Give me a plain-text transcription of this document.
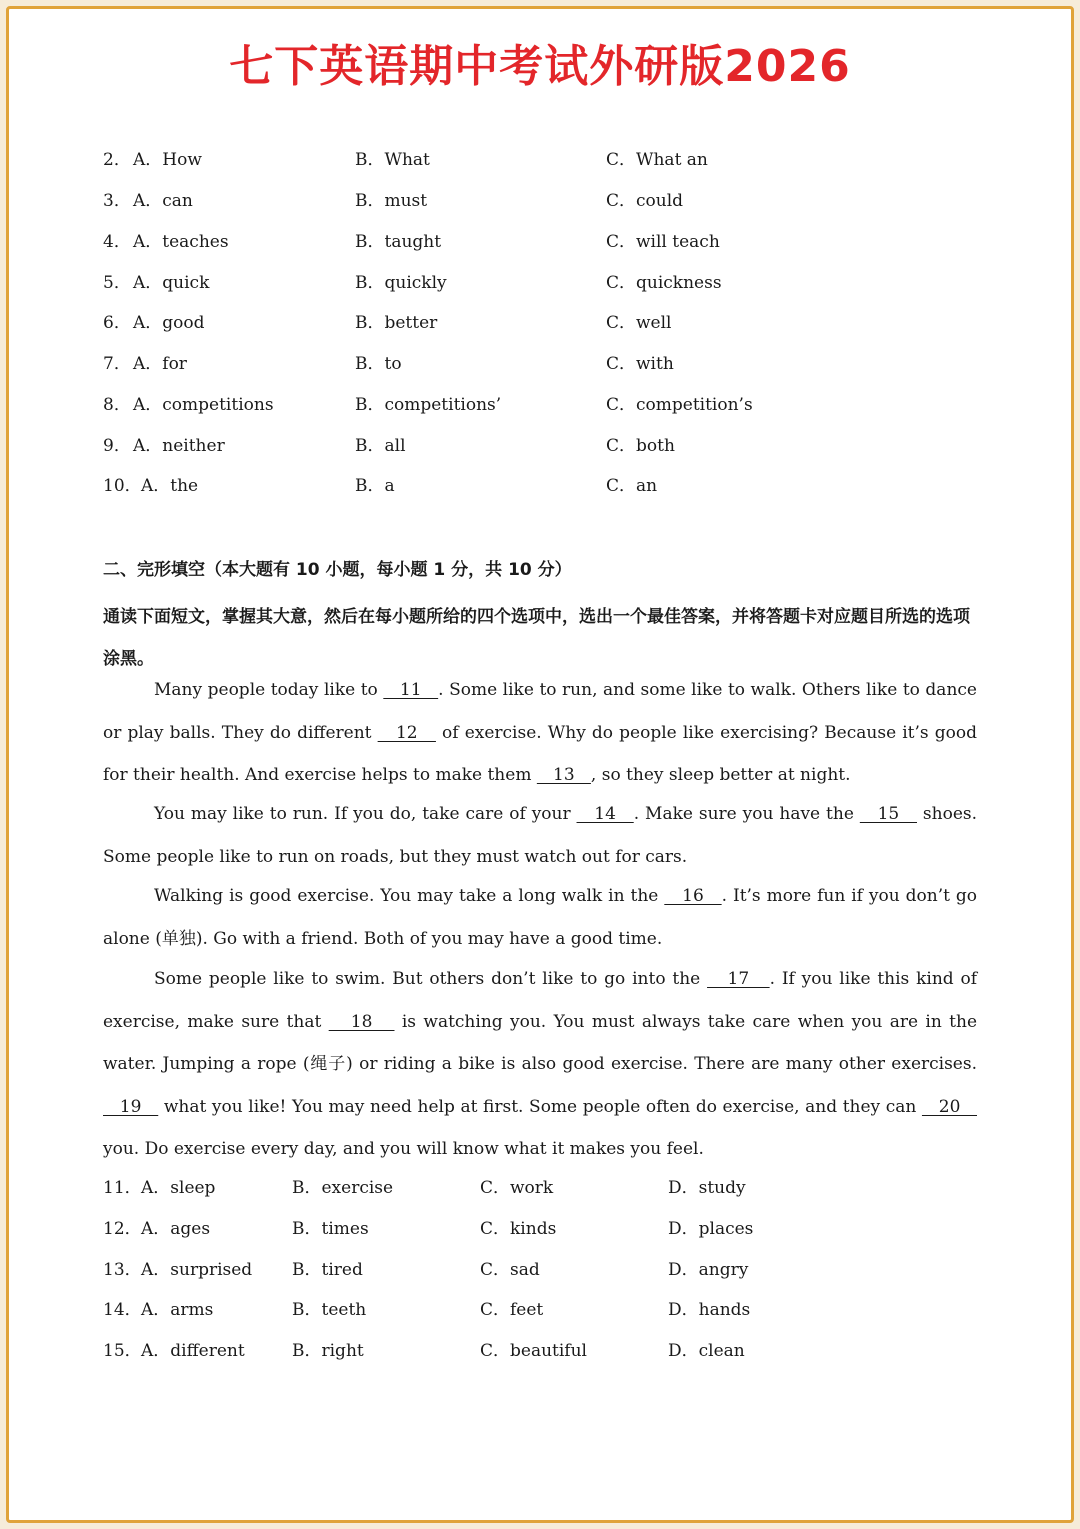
七下英语期中考试外研版2026
2． A．How	B．What	C．What an
3． A．can	B．must	C．could
4． A．teaches	B．taught	C．will teach
5． A．quick	B．quickly	C．quickness
6． A．good	B．better	C．well
7． A．for	B．to	C．with
8． A．competitions	B．competitions’	C．competition’s
9． A．neither	B．all	C．both
10． A．the	B．a	C．an
二、完形填空（本大题有 10 小题，每小题 1 分，共 10 分）
通读下面短文，掌握其大意，然后在每小题所给的四个选项中，选出一个最佳答案，并将答题卡对应题目所选的选项涂黑。
Many people today like to    11   . Some like to run, and some like to walk. Others like to dance or play balls. They do different    12    of exercise. Why do people like exercising? Because it’s good for their health. And exercise helps to make them    13   , so they sleep better at night.
You may like to run. If you do, take care of your    14   . Make sure you have the    15    shoes. Some people like to run on roads, but they must watch out for cars.
Walking is good exercise. You may take a long walk in the    16   . It’s more fun if you don’t go alone (单独). Go with a friend. Both of you may have a good time.
Some people like to swim. But others don’t like to go into the    17   . If you like this kind of exercise, make sure that    18    is watching you. You must always take care when you are in the water. Jumping a rope (绳子) or riding a bike is also good exercise. There are many other exercises.    19    what you like! You may need help at first. Some people often do exercise, and they can    20    you. Do exercise every day, and you will know what it makes you feel.
11． A．sleep	B．exercise	C．work	D．study
12． A．ages	B．times	C．kinds	D．places
13． A．surprised B．tired	C．sad	D．angry
14． A．arms	B．teeth	C．feet	D．hands
15． A．different	B．right	C．beautiful	D．clean
